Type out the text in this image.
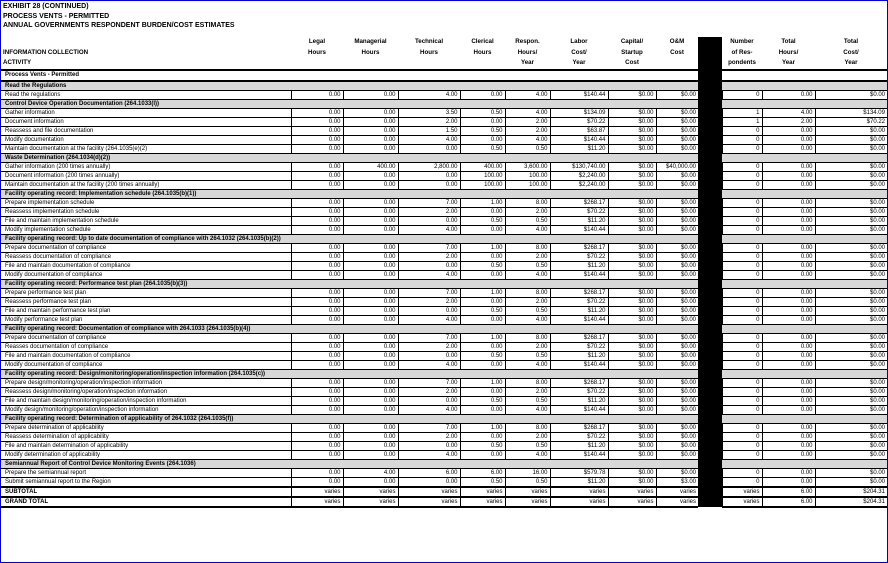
EXHIBIT 28 (CONTINUED)
PROCESS VENTS - PERMITTED
ANNUAL GOVERNMENTS RESPONDENT BURDEN/COST ESTIMATES
	Legal	Managerial	Technical	Clerical	Respon.	Labor	Capital/	O&M		Number	Total	Total
INFORMATION COLLECTION	Hours	Hours	Hours	Hours	Hours/	Cost/	Startup	Cost		of Res-	Hours/	Cost/
ACTIVITY					Year	Year	Cost			pondents	Year	Year
Process Vents - Permitted												
Read the Regulations												
Read the regulations	0.00	0.00	4.00	0.00	4.00	$140.44	$0.00	$0.00		0	0.00	$0.00
Control Device Operation Documentation (264.1033(l))												
Gather information	0.00	0.00	3.50	0.50	4.00	$134.09	$0.00	$0.00		1	4.00	$134.09
Document information	0.00	0.00	2.00	0.00	2.00	$70.22	$0.00	$0.00		1	2.00	$70.22
Reassess and file documentation	0.00	0.00	1.50	0.50	2.00	$63.87	$0.00	$0.00		0	0.00	$0.00
Modify documentation	0.00	0.00	4.00	0.00	4.00	$140.44	$0.00	$0.00		0	0.00	$0.00
Maintain documentation at the facility (264.1035(e)(2)	0.00	0.00	0.00	0.50	0.50	$11.20	$0.00	$0.00		0	0.00	$0.00
Waste Determination (264.1034(d)(2))												
Gather information (200 times annually)	0.00	400.00	2,800.00	400.00	3,600.00	$130,740.00	$0.00	$40,000.00		0	0.00	$0.00
Document information (200 times annually)	0.00	0.00	0.00	100.00	100.00	$2,240.00	$0.00	$0.00		0	0.00	$0.00
Maintain documentation at the facility (200 times annually)	0.00	0.00	0.00	100.00	100.00	$2,240.00	$0.00	$0.00		0	0.00	$0.00
Facility operating record: Implementation schedule (264.1035(b)(1))												
Prepare implementation schedule	0.00	0.00	7.00	1.00	8.00	$268.17	$0.00	$0.00		0	0.00	$0.00
Reassess implementation schedule	0.00	0.00	2.00	0.00	2.00	$70.22	$0.00	$0.00		0	0.00	$0.00
File and maintain implementation schedule	0.00	0.00	0.00	0.50	0.50	$11.20	$0.00	$0.00		0	0.00	$0.00
Modify implementation schedule	0.00	0.00	4.00	0.00	4.00	$140.44	$0.00	$0.00		0	0.00	$0.00
Facility operating record: Up to date documentation of compliance with 264.1032 (264.1035(b)(2))												
Prepare documentation of compliance	0.00	0.00	7.00	1.00	8.00	$268.17	$0.00	$0.00		0	0.00	$0.00
Reassess documentation of compliance	0.00	0.00	2.00	0.00	2.00	$70.22	$0.00	$0.00		0	0.00	$0.00
File and maintain documentation of compliance	0.00	0.00	0.00	0.50	0.50	$11.20	$0.00	$0.00		0	0.00	$0.00
Modify documentation of compliance	0.00	0.00	4.00	0.00	4.00	$140.44	$0.00	$0.00		0	0.00	$0.00
Facility operating record: Performance test plan (264.1035(b)(3))												
Prepare performance test plan	0.00	0.00	7.00	1.00	8.00	$268.17	$0.00	$0.00		0	0.00	$0.00
Reassess performance test plan	0.00	0.00	2.00	0.00	2.00	$70.22	$0.00	$0.00		0	0.00	$0.00
File and maintain performance test plan	0.00	0.00	0.00	0.50	0.50	$11.20	$0.00	$0.00		0	0.00	$0.00
Modify performance test plan	0.00	0.00	4.00	0.00	4.00	$140.44	$0.00	$0.00		0	0.00	$0.00
Facility operating record: Documentation of compliance with 264.1033 (264.1035(b)(4))												
Prepare documentation of compliance	0.00	0.00	7.00	1.00	8.00	$268.17	$0.00	$0.00		0	0.00	$0.00
Reasses documentation of compliance	0.00	0.00	2.00	0.00	2.00	$70.22	$0.00	$0.00		0	0.00	$0.00
File and maintain documentation of compliance	0.00	0.00	0.00	0.50	0.50	$11.20	$0.00	$0.00		0	0.00	$0.00
Modify documentation of compliance	0.00	0.00	4.00	0.00	4.00	$140.44	$0.00	$0.00		0	0.00	$0.00
Facility operating record: Design/monitoring/operation/inspection information (264.1035(c))												
Prepare design/monitoring/operation/inspection information	0.00	0.00	7.00	1.00	8.00	$268.17	$0.00	$0.00		0	0.00	$0.00
Reassess design/monitoring/operation/inspection information	0.00	0.00	2.00	0.00	2.00	$70.22	$0.00	$0.00		0	0.00	$0.00
File and maintain design/monitoring/operation/inspection information	0.00	0.00	0.00	0.50	0.50	$11.20	$0.00	$0.00		0	0.00	$0.00
Modify design/monitoring/operation/inspection information	0.00	0.00	4.00	0.00	4.00	$140.44	$0.00	$0.00		0	0.00	$0.00
Facility operating record: Determination of applicability of 264.1032 (264.1035(f))												
Prepare determination of applicability	0.00	0.00	7.00	1.00	8.00	$268.17	$0.00	$0.00		0	0.00	$0.00
Reassess determination of applicability	0.00	0.00	2.00	0.00	2.00	$70.22	$0.00	$0.00		0	0.00	$0.00
File and maintain determination of applicability	0.00	0.00	0.00	0.50	0.50	$11.20	$0.00	$0.00		0	0.00	$0.00
Modify determination of applicability	0.00	0.00	4.00	0.00	4.00	$140.44	$0.00	$0.00		0	0.00	$0.00
Semiannual Report of Control Device Monitoring Events (264.1036)												
Prepare the semiannual report	0.00	4.00	6.00	6.00	16.00	$579.78	$0.00	$0.00		0	0.00	$0.00
Submit semiannual report to the Region	0.00	0.00	0.00	0.50	0.50	$11.20	$0.00	$3.00		0	0.00	$0.00
SUBTOTAL	varies	varies	varies	varies	varies	varies	varies	varies		varies	6.00	$204.31
GRAND TOTAL	varies	varies	varies	varies	varies	varies	varies	varies		varies	6.00	$204.31
